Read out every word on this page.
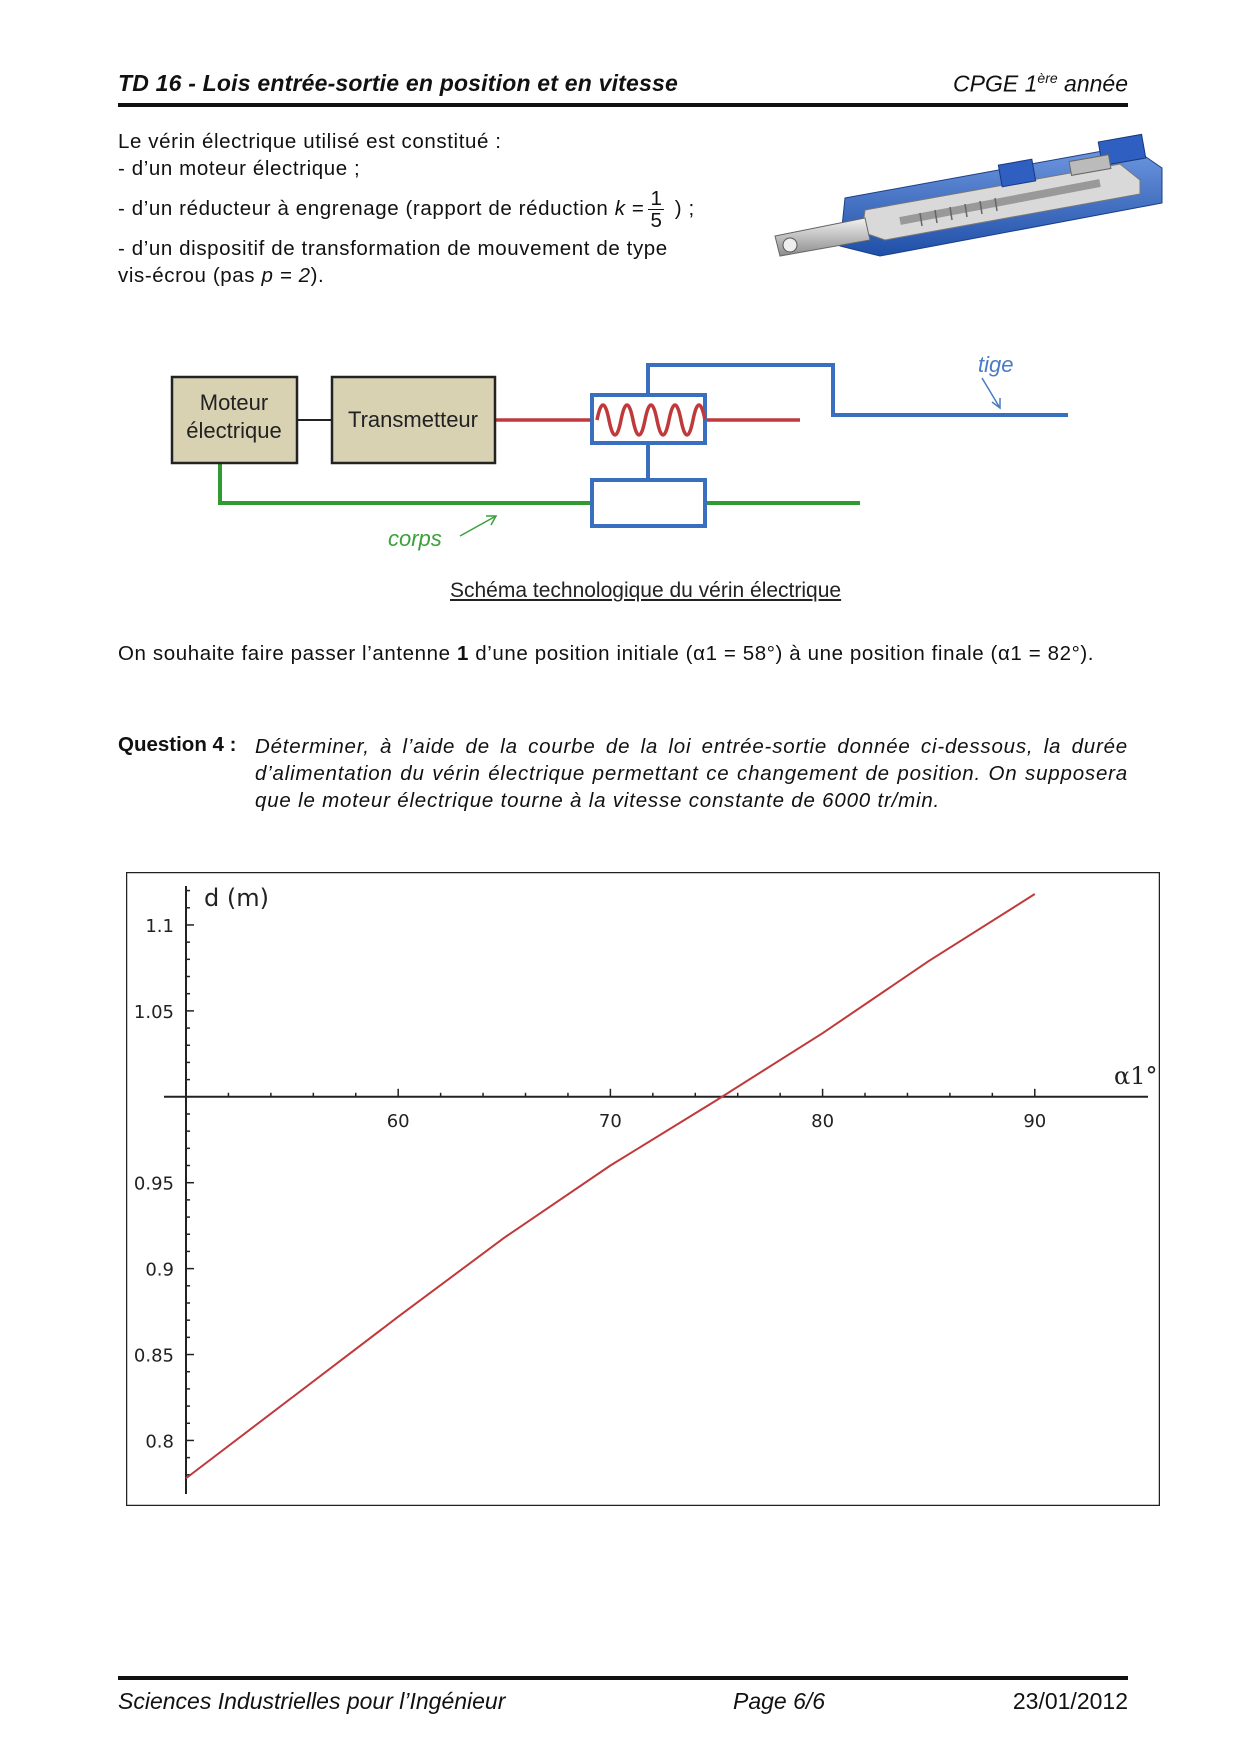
TD 16 - Lois entrée-sortie en position et en vitesse	CPGE 1ère année
Le vérin électrique utilisé est constitué :
- d’un moteur électrique ;
- d’un réducteur à engrenage (rapport de réduction $k = \frac{1}{5}$ ) ;
- d’un dispositif de transformation de mouvement de type
vis-écrou (pas p = 2).
Moteur
électrique	Transmetteur
tige
corps
Schéma technologique du vérin électrique
On souhaite faire passer l’antenne 1 d’une position initiale (α1 = 58°) à une position finale (α1 = 82°).
Question 4 : Déterminer, à l’aide de la courbe de la loi entrée-sortie donnée ci-dessous, la durée d’alimentation du vérin électrique permettant ce changement de position. On supposera que le moteur électrique tourne à la vitesse constante de 6000 tr/min.
60	70	80	90
0.8
0.85
0.9
0.95
1.05
1.1
d (m)
α1°
Sciences Industrielles pour l’Ingénieur	Page 6/6	23/01/2012
